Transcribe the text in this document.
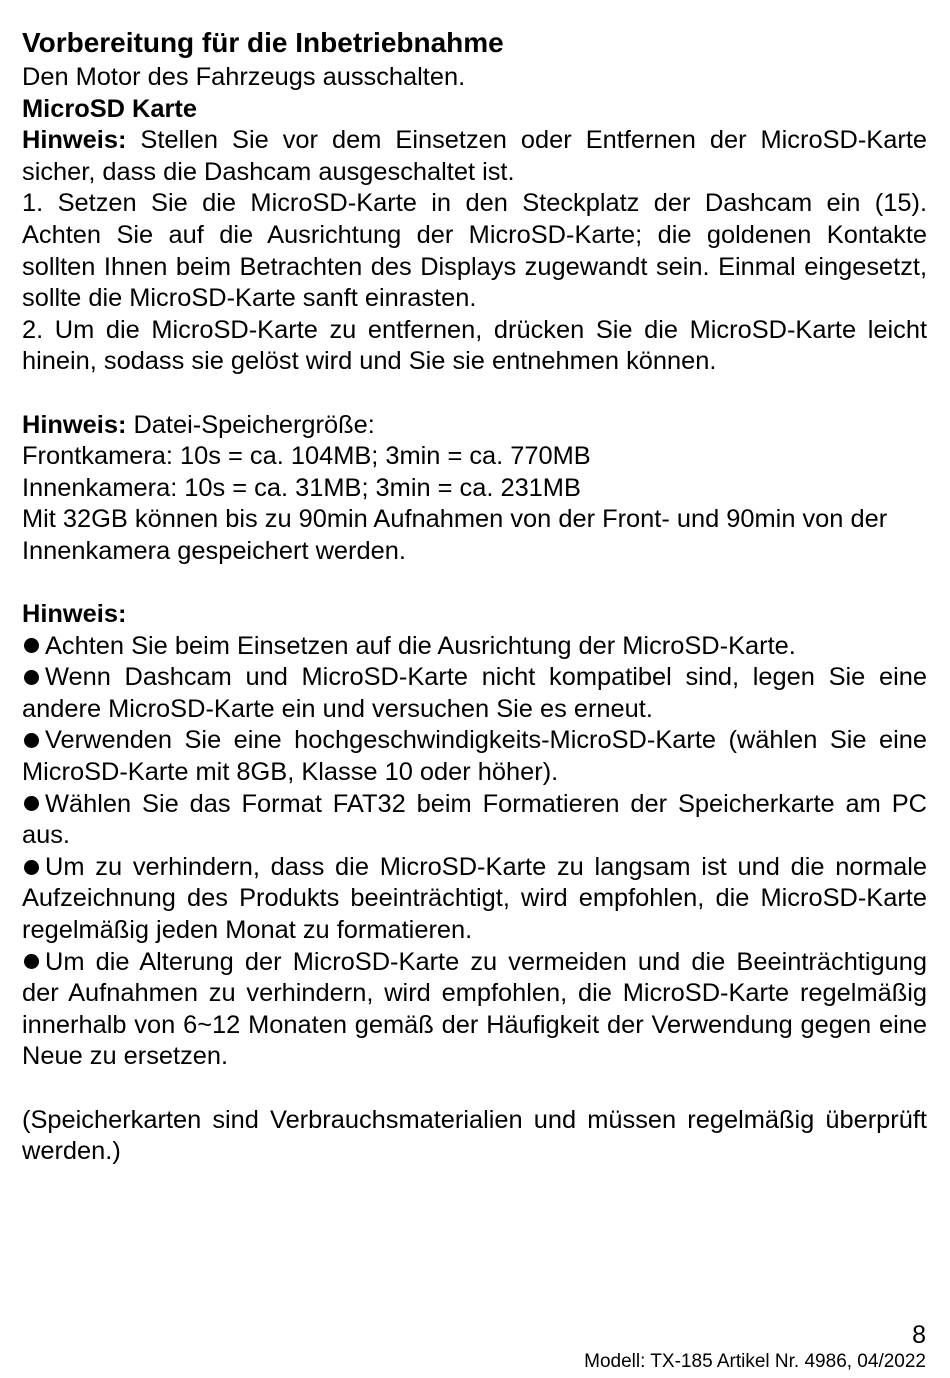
Vorbereitung für die Inbetriebnahme

Den Motor des Fahrzeugs ausschalten.

MicroSD Karte

Hinweis: Stellen Sie vor dem Einsetzen oder Entfernen der MicroSD-Karte sicher, dass die Dashcam ausgeschaltet ist.

1. Setzen Sie die MicroSD-Karte in den Steckplatz der Dashcam ein (15). Achten Sie auf die Ausrichtung der MicroSD-Karte; die goldenen Kontakte sollten Ihnen beim Betrachten des Displays zugewandt sein. Einmal eingesetzt, sollte die MicroSD-Karte sanft einrasten.

2. Um die MicroSD-Karte zu entfernen, drücken Sie die MicroSD-Karte leicht hinein, sodass sie gelöst wird und Sie sie entnehmen können.

Hinweis: Datei-Speichergröße:

Frontkamera: 10s = ca. 104MB; 3min = ca. 770MB

Innenkamera: 10s = ca. 31MB; 3min = ca. 231MB

Mit 32GB können bis zu 90min Aufnahmen von der Front- und 90min von der Innenkamera gespeichert werden.

Hinweis:

Achten Sie beim Einsetzen auf die Ausrichtung der MicroSD-Karte.

Wenn Dashcam und MicroSD-Karte nicht kompatibel sind, legen Sie eine andere MicroSD-Karte ein und versuchen Sie es erneut.

Verwenden Sie eine hochgeschwindigkeits-MicroSD-Karte (wählen Sie eine MicroSD-Karte mit 8GB, Klasse 10 oder höher).

Wählen Sie das Format FAT32 beim Formatieren der Speicherkarte am PC aus.

Um zu verhindern, dass die MicroSD-Karte zu langsam ist und die normale Aufzeichnung des Produkts beeinträchtigt, wird empfohlen, die MicroSD-Karte regelmäßig jeden Monat zu formatieren.

Um die Alterung der MicroSD-Karte zu vermeiden und die Beeinträchtigung der Aufnahmen zu verhindern, wird empfohlen, die MicroSD-Karte regelmäßig innerhalb von 6~12 Monaten gemäß der Häufigkeit der Verwendung gegen eine Neue zu ersetzen.

(Speicherkarten sind Verbrauchsmaterialien und müssen regelmäßig überprüft werden.)

8
Modell: TX-185 Artikel Nr. 4986, 04/2022
